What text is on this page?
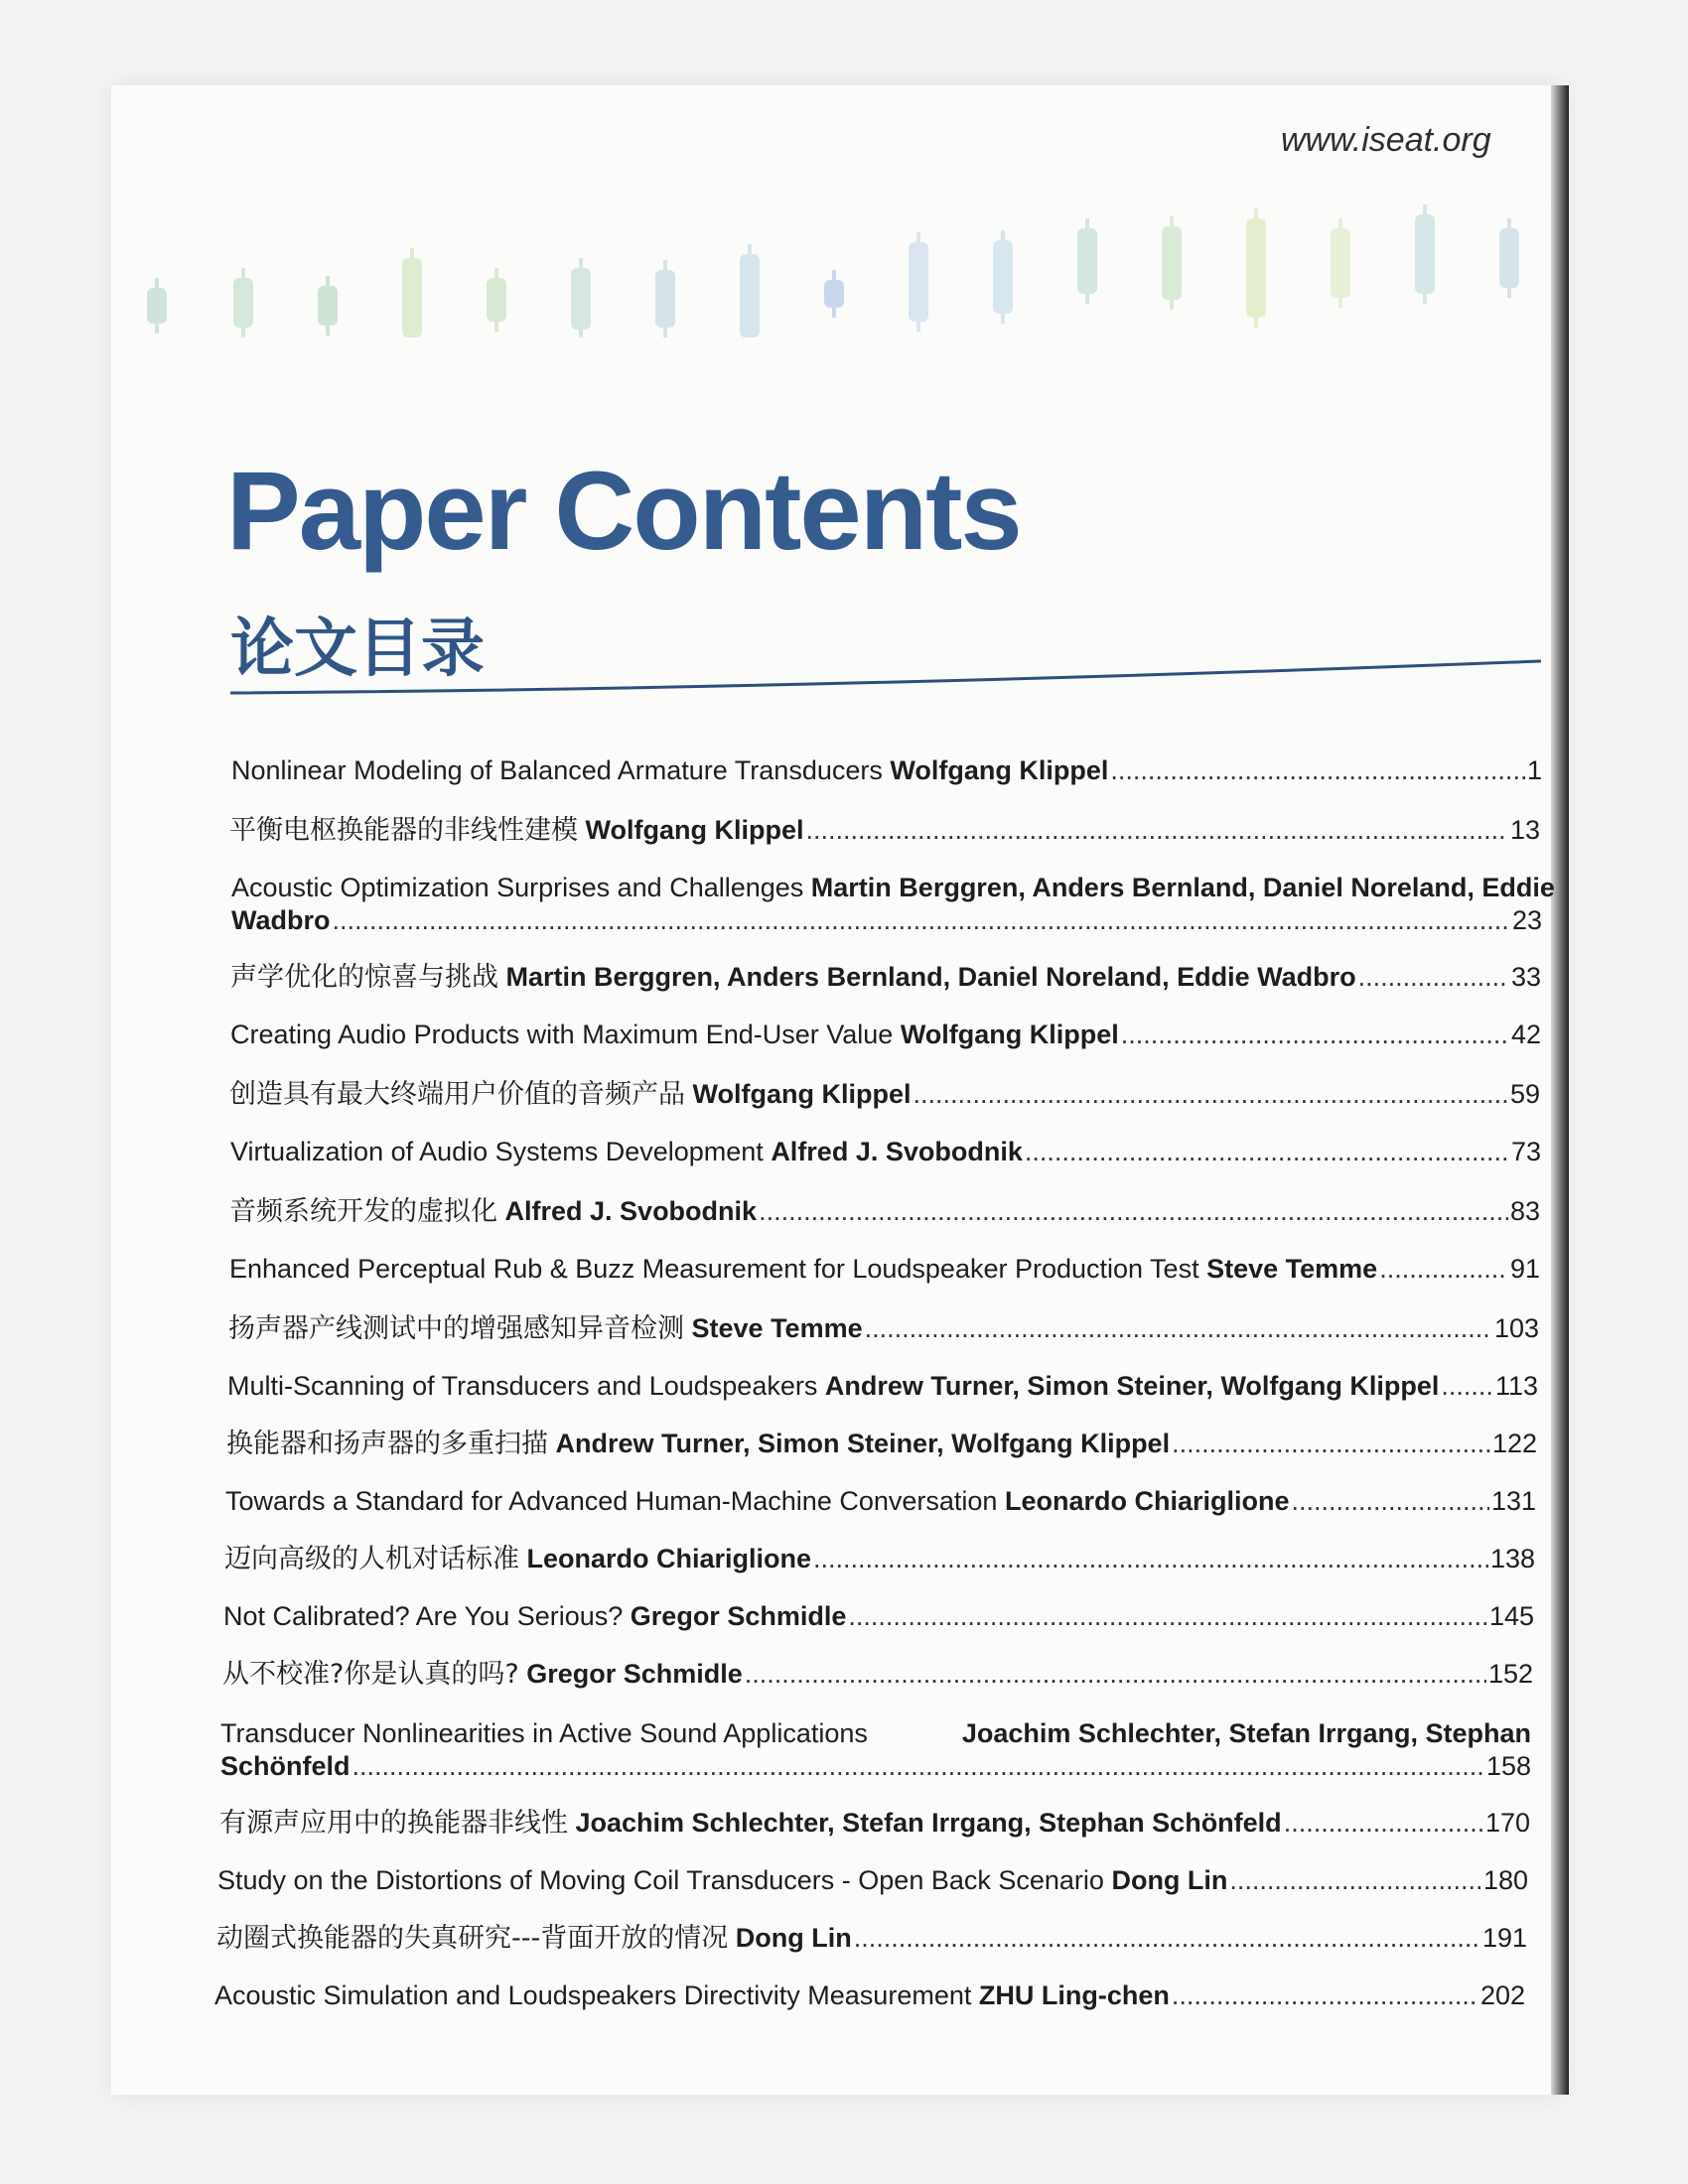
www.iseat.org
Paper Contents
论文目录
Nonlinear Modeling of Balanced Armature Transducers
Wolfgang Klippel .....	1
平衡电枢换能器的非线性建模
Wolfgang Klippel .....	13
Acoustic Optimization Surprises and Challenges
Martin Berggren, Anders Bernland, Daniel Noreland, Eddie
Wadbro .....	23
声学优化的惊喜与挑战
Martin Berggren, Anders Bernland, Daniel Noreland, Eddie Wadbro .....	33
Creating Audio Products with Maximum End-User Value
Wolfgang Klippel .....	42
创造具有最大终端用户价值的音频产品
Wolfgang Klippel .....	59
Virtualization of Audio Systems Development
Alfred J. Svobodnik .....	73
音频系统开发的虚拟化
Alfred J. Svobodnik .....	83
Enhanced Perceptual Rub & Buzz Measurement for Loudspeaker Production Test
Steve Temme .....	91
扬声器产线测试中的增强感知异音检测
Steve Temme .....	103
Multi-Scanning of Transducers and Loudspeakers
Andrew Turner, Simon Steiner, Wolfgang Klippel ..... 113
换能器和扬声器的多重扫描
Andrew Turner, Simon Steiner, Wolfgang Klippel .....	122
Towards a Standard for Advanced Human-Machine Conversation
Leonardo Chiariglione .....	131
迈向高级的人机对话标准
Leonardo Chiariglione .....	138
Not Calibrated? Are You Serious?
Gregor Schmidle .....	145
从不校准?你是认真的吗?
Gregor Schmidle .....	152
Transducer Nonlinearities in Active Sound Applications
	Joachim Schlechter, Stefan Irrgang, Stephan
Schönfeld .....	158
有源声应用中的换能器非线性
Joachim Schlechter, Stefan Irrgang, Stephan Schönfeld .....	170
Study on the Distortions of Moving Coil Transducers - Open Back Scenario
Dong Lin .....	180
动圈式换能器的失真研究---背面开放的情况
Dong Lin .....	191
Acoustic Simulation and Loudspeakers Directivity Measurement
ZHU Ling-chen .....	202
